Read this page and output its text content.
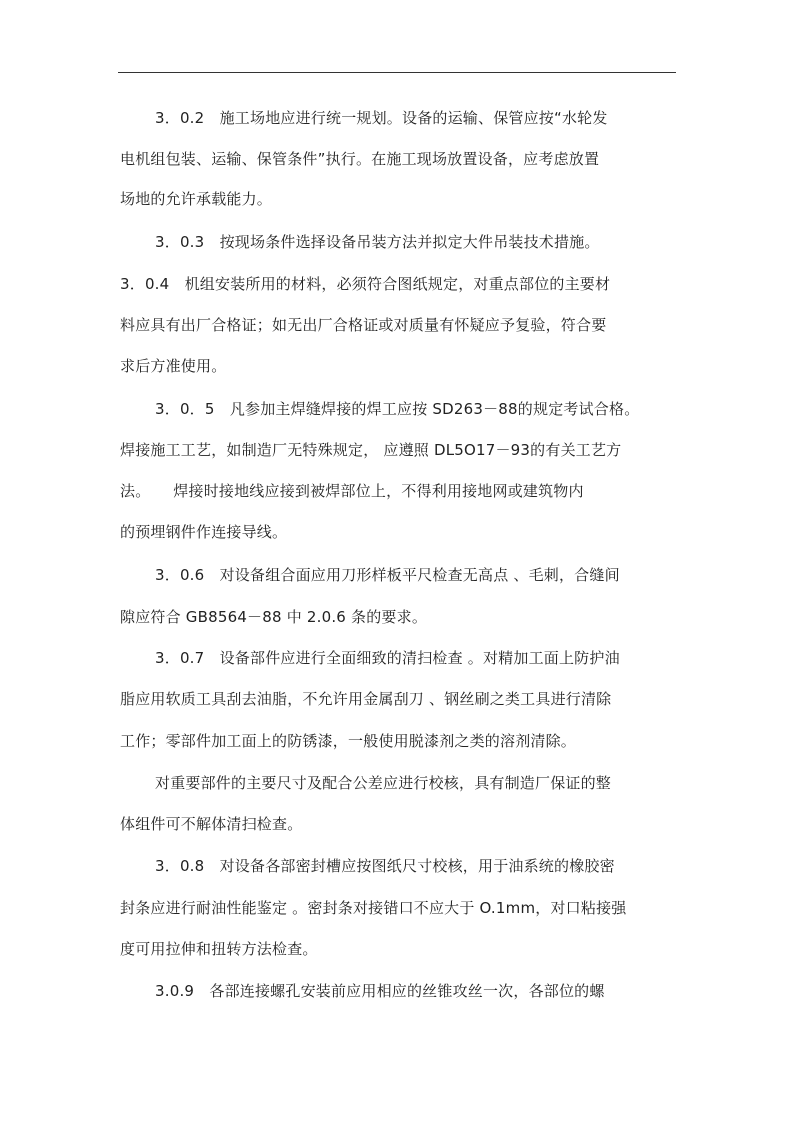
3．0.2　施工场地应进行统一规划。设备的运输、保管应按“水轮发
电机组包装、运输、保管条件”执行。在施工现场放置设备，应考虑放置
场地的允许承载能力。
3．0.3　按现场条件选择设备吊装方法并拟定大件吊装技术措施。
3．0.4　机组安装所用的材料，必须符合图纸规定，对重点部位的主要材
料应具有出厂合格证；如无出厂合格证或对质量有怀疑应予复验，符合要
求后方准使用。
3．0．5　凡参加主焊缝焊接的焊工应按 SD263－88的规定考试合格。
焊接施工工艺，如制造厂无特殊规定， 应遵照 DL5O17－93的有关工艺方
法。　　焊接时接地线应接到被焊部位上，不得利用接地网或建筑物内
的预埋钢件作连接导线。
3．0.6　对设备组合面应用刀形样板平尺检查无高点 、毛刺，合缝间
隙应符合 GB8564－88 中 2.0.6 条的要求。
3．0.7　设备部件应进行全面细致的清扫检查 。对精加工面上防护油
脂应用软质工具刮去油脂，不允许用金属刮刀 、钢丝刷之类工具进行清除
工作；零部件加工面上的防锈漆，一般使用脱漆剂之类的溶剂清除。
对重要部件的主要尺寸及配合公差应进行校核，具有制造厂保证的整
体组件可不解体清扫检查。
3．0.8　对设备各部密封槽应按图纸尺寸校核，用于油系统的橡胶密
封条应进行耐油性能鉴定 。密封条对接错口不应大于 O.1mm，对口粘接强
度可用拉伸和扭转方法检查。
3.0.9　各部连接螺孔安装前应用相应的丝锥攻丝一次，各部位的螺
